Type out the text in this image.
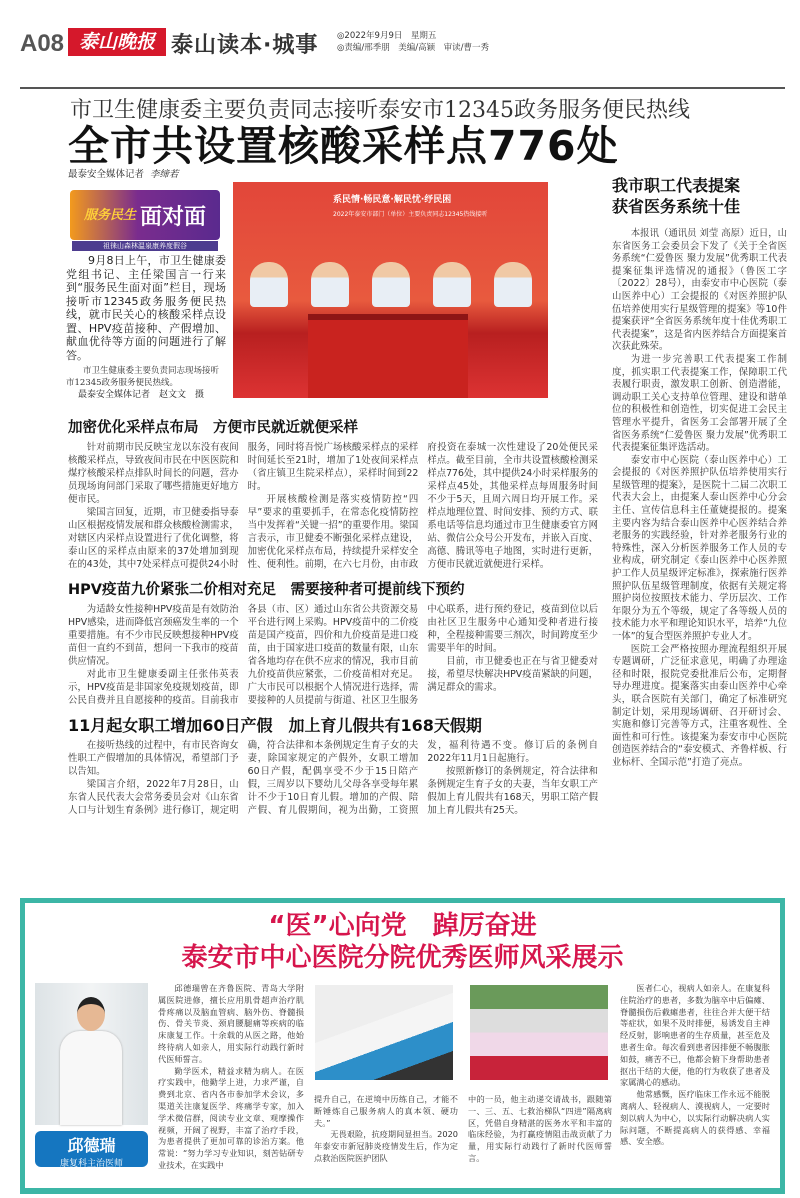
A08 泰山晚报 泰山读本·城事 ◎2022年9月9日　星期五
◎责编/邢季朋　美编/高颖　审读/曹一秀
市卫生健康委主要负责同志接听泰安市12345政务服务便民热线
全市共设置核酸采样点776处
最泰安全媒体记者 李缔若
服务民生 面对面
祖徕山森林温泉康养度假谷
9月8日上午，市卫生健康委党组书记、主任梁国言一行来到“服务民生面对面”栏目，现场接听市12345政务服务便民热线，就市民关心的核酸采样点设置、HPV疫苗接种、产假增加、献血优待等方面的问题进行了解答。
市卫生健康委主要负责同志现场接听市12345政务服务便民热线。
最泰安全媒体记者　赵文文　摄
系民情·畅民意·解民忧·纾民困
2022年泰安市部门（单位）主要负责同志12345热线接听
加密优化采样点布局　方便市民就近就便采样

针对前期市民反映宝龙以东没有夜间核酸采样点，导致夜间市民在中医医院和煤疗核酸采样点排队时间长的问题，营办员现场询问部门采取了哪些措施更好地方便市民。

梁国言回复，近期，市卫健委指导泰山区根据疫情发展和群众核酸检测需求，对辖区内采样点设置进行了优化调整，将泰山区的采样点由原来的37处增加到现在的43处，其中7处采样点可提供24小时服务，同时将吾悦广场核酸采样点的采样时间延长至21时，增加了1处夜间采样点（省庄镇卫生院采样点），采样时间到22时。

开展核酸检测是落实疫情防控“四早”要求的重要抓手，在常态化疫情防控当中发挥着“关键一招”的重要作用。梁国言表示，市卫健委不断强化采样点建设，加密优化采样点布局，持续提升采样安全性、便利性。前期，在六七月份，由市政府投资在泰城一次性建设了20处便民采样点。截至目前，全市共设置核酸检测采样点776处，其中提供24小时采样服务的采样点45处，其他采样点每周服务时间不少于5天，且周六周日均开展工作。采样点地理位置、时间安排、预约方式、联系电话等信息均通过市卫生健康委官方网站、微信公众号公开发布，并嵌入百度、高德、腾讯等电子地图，实时进行更新，方便市民就近就便进行采样。

HPV疫苗九价紧张二价相对充足　需要接种者可提前线下预约

为适龄女性接种HPV疫苗是有效防治HPV感染，进而降低宫颈癌发生率的一个重要措施。有不少市民反映想接种HPV疫苗但一直约不到苗，想问一下我市的疫苗供应情况。

对此市卫生健康委副主任张伟英表示，HPV疫苗是非国家免疫规划疫苗，即公民自费并且自愿接种的疫苗。目前我市各县（市、区）通过山东省公共资源交易平台进行网上采购。HPV疫苗中的二价疫苗是国产疫苗，四价和九价疫苗是进口疫苗，由于国家进口疫苗的数量有限，山东省各地均存在供不应求的情况，我市目前九价疫苗供应紧张，二价疫苗相对充足。广大市民可以根据个人情况进行选择，需要接种的人员提前与街道、社区卫生服务中心联系，进行预约登记，疫苗到位以后由社区卫生服务中心通知受种者进行接种，全程接种需要三剂次，时间跨度至少需要半年的时间。

目前，市卫健委也正在与省卫健委对接，希望尽快解决HPV疫苗紧缺的问题，满足群众的需求。

11月起女职工增加60日产假　加上育儿假共有168天假期

在接听热线的过程中，有市民咨询女性职工产假增加的具体情况，希望部门予以告知。

梁国言介绍，2022年7月28日，山东省人民代表大会常务委员会对《山东省人口与计划生育条例》进行修订，规定明确，符合法律和本条例规定生育子女的夫妻，除国家规定的产假外，女职工增加60日产假，配偶享受不少于15日陪产假，三周岁以下婴幼儿父母各享受每年累计不少于10日育儿假。增加的产假、陪产假、育儿假期间，视为出勤，工资照发，福利待遇不变。修订后的条例自2022年11月1日起施行。

按照新修订的条例规定，符合法律和条例规定生育子女的夫妻，当年女职工产假加上育儿假共有168天，男职工陪产假加上育儿假共有25天。

我市职工代表提案
获省医务系统十佳

本报讯（通讯员 刘莹 高原）近日，山东省医务工会委员会下发了《关于全省医务系统“仁爱鲁医 聚力发展”优秀职工代表提案征集评选情况的通报》（鲁医工字〔2022〕28号），由泰安市中心医院（泰山医养中心）工会提报的《对医养照护队伍培养使用实行星级管理的提案》等10件提案获评“全省医务系统年度十佳优秀职工代表提案”，这是省内医养结合方面提案首次获此殊荣。

为进一步完善职工代表提案工作制度，抓实职工代表提案工作，保障职工代表履行职责，激发职工创新、创造潜能，调动职工关心支持单位管理、建设和谐单位的积极性和创造性，切实促进工会民主管理水平提升，省医务工会部署开展了全省医务系统“仁爱鲁医 聚力发展”优秀职工代表提案征集评选活动。

泰安市中心医院（泰山医养中心）工会提报的《对医养照护队伍培养使用实行星级管理的提案》，是医院十二届二次职工代表大会上，由提案人泰山医养中心分会主任、宣传信息科主任董婕提报的。提案主要内容为结合泰山医养中心医养结合养老服务的实践经验，针对养老服务行业的特殊性，深入分析医养服务工作人员的专业构成，研究制定《泰山医养中心医养照护工作人员星级评定标准》，探索施行医养照护队伍星级管理制度，依据有关规定将照护岗位按照技术能力、学历层次、工作年限分为五个等级，规定了各等级人员的技术能力水平和理论知识水平，培养“九位一体”的复合型医养照护专业人才。

医院工会严格按照办理流程组织开展专题调研，广泛征求意见，明确了办理途径和时限，报院党委批准后公布，定期督导办理进度。提案落实由泰山医养中心牵头，联合医院有关部门，确定了标准研究制定计划，采用现场调研、召开研讨会、实施和修订完善等方式，注重客观性、全面性和可行性。该提案为泰安市中心医院创造医养结合的“泰安模式、齐鲁样板、行业标杆、全国示范”打造了亮点。

“医”心向党　踔厉奋进
泰安市中心医院分院优秀医师风采展示
邱德瑞
康复科主治医师

邱德瑞曾在齐鲁医院、青岛大学附属医院进修，擅长应用肌骨超声治疗肌骨疼痛以及脑血管病、脑外伤、脊髓损伤、骨关节炎、颈肩腰腿痛等疾病的临床康复工作。十余载的从医之路，他始终待病人如亲人，用实际行动践行新时代医师誓言。

勤学医术，精益求精为病人。在医疗实践中，他勤学上进，力求严谨，自费到北京、省内各市参加学术会议，多渠道关注康复医学、疼痛学专家，加入学术微信群，阅读专业文章、观摩操作视频，开阔了视野，丰富了治疗手段，为患者提供了更加可靠的诊治方案。他常说：“努力学习专业知识，刻苦钻研专业技术，在实践中

提升自己，在逆境中历练自己，才能不断锤炼自己服务病人的真本领、硬功夫。”

无畏艰险，抗疫期间显担当。2020年泰安市新冠肺炎疫情发生后，作为定点救治医院医护团队

中的一员，他主动递交请战书，跟随第一、三、五、七救治梯队“四进”隔离病区，凭借自身精湛的医务水平和丰富的临床经验，为打赢疫情阻击战贡献了力量，用实际行动践行了新时代医师誓言。

医者仁心，视病人如亲人。在康复科住院治疗的患者，多数为脑卒中后偏瘫、脊髓损伤后截瘫患者，往往合并大便干结等症状，如果不及时排便，易诱发自主神经反射，影响患者的生存质量，甚至危及患者生命。每次看到患者因排便不畅腹胀如鼓，痛苦不已，他都会俯下身帮助患者抠出干结的大便，他的行为收获了患者及家属满心的感动。

他常感慨，医疗临床工作永远不能脱离病人、轻视病人、漠视病人，一定要时刻以病人为中心，以实际行动解决病人实际问题，不断提高病人的获得感、幸福感、安全感。
